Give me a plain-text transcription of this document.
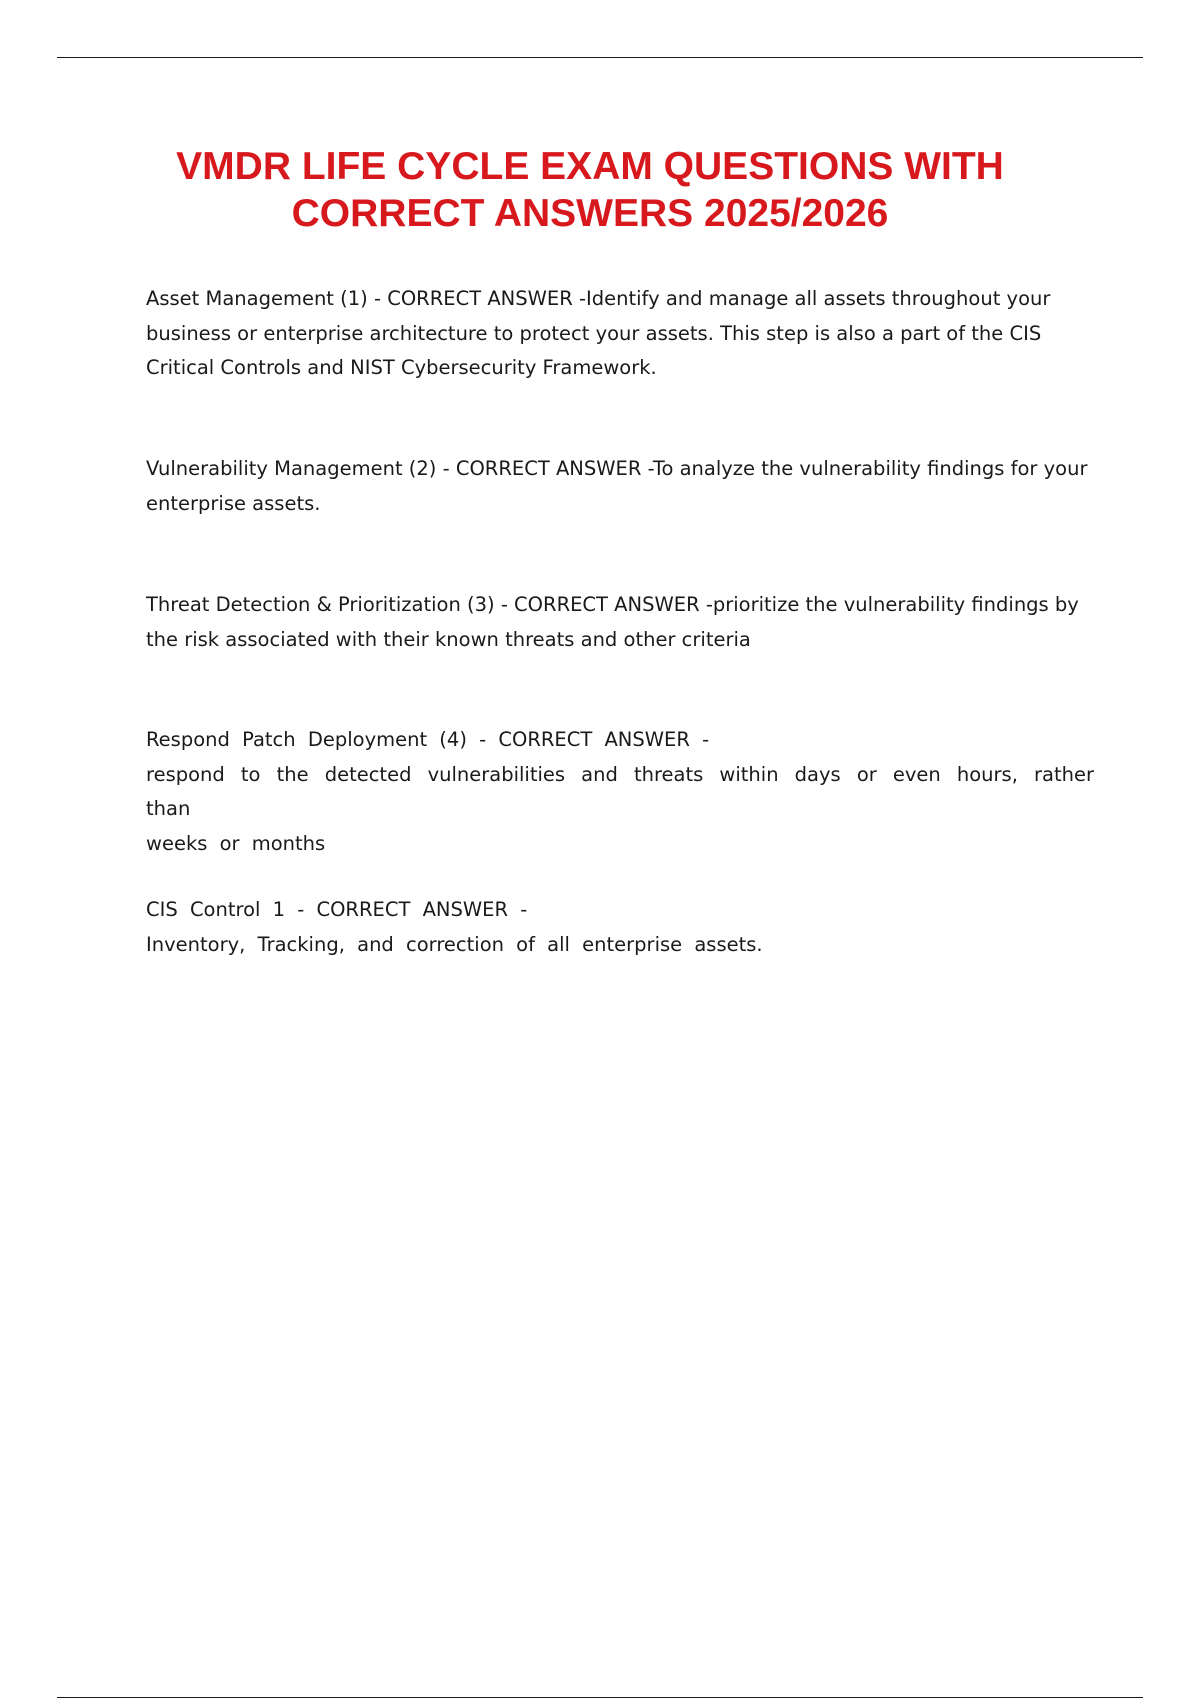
VMDR LIFE CYCLE EXAM QUESTIONS WITH
CORRECT ANSWERS 2025/2026

Asset Management (1) - CORRECT ANSWER -Identify and manage all assets throughout your
business or enterprise architecture to protect your assets. This step is also a part of the CIS
Critical Controls and NIST Cybersecurity Framework.

Vulnerability Management (2) - CORRECT ANSWER -To analyze the vulnerability findings for your
enterprise assets.

Threat Detection & Prioritization (3) - CORRECT ANSWER -prioritize the vulnerability findings by
the risk associated with their known threats and other criteria

Respond Patch Deployment (4) - CORRECT ANSWER -
respond to the detected vulnerabilities and threats within days or even hours, rather than
weeks or months

CIS Control 1 - CORRECT ANSWER -
Inventory, Tracking, and correction of all enterprise assets.
